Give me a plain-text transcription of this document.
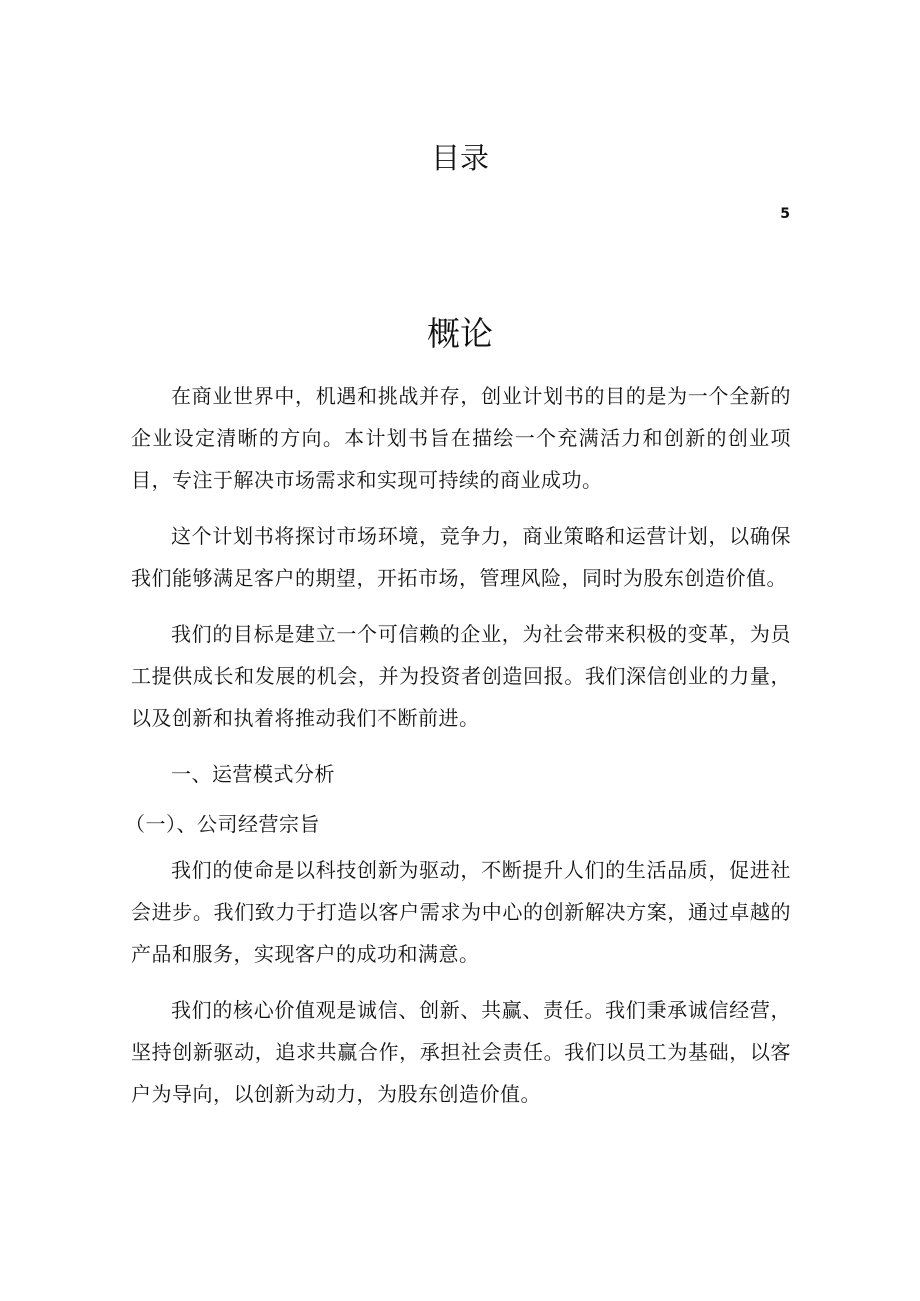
目录
5
概论

在商业世界中，机遇和挑战并存，创业计划书的目的是为一个全新的企业设定清晰的方向。本计划书旨在描绘一个充满活力和创新的创业项目，专注于解决市场需求和实现可持续的商业成功。

这个计划书将探讨市场环境，竞争力，商业策略和运营计划，以确保我们能够满足客户的期望，开拓市场，管理风险，同时为股东创造价值。

我们的目标是建立一个可信赖的企业，为社会带来积极的变革，为员工提供成长和发展的机会，并为投资者创造回报。我们深信创业的力量，以及创新和执着将推动我们不断前进。

一、运营模式分析

（一）、公司经营宗旨

我们的使命是以科技创新为驱动，不断提升人们的生活品质，促进社会进步。我们致力于打造以客户需求为中心的创新解决方案，通过卓越的产品和服务，实现客户的成功和满意。

我们的核心价值观是诚信、创新、共赢、责任。我们秉承诚信经营，坚持创新驱动，追求共赢合作，承担社会责任。我们以员工为基础，以客户为导向，以创新为动力，为股东创造价值。
